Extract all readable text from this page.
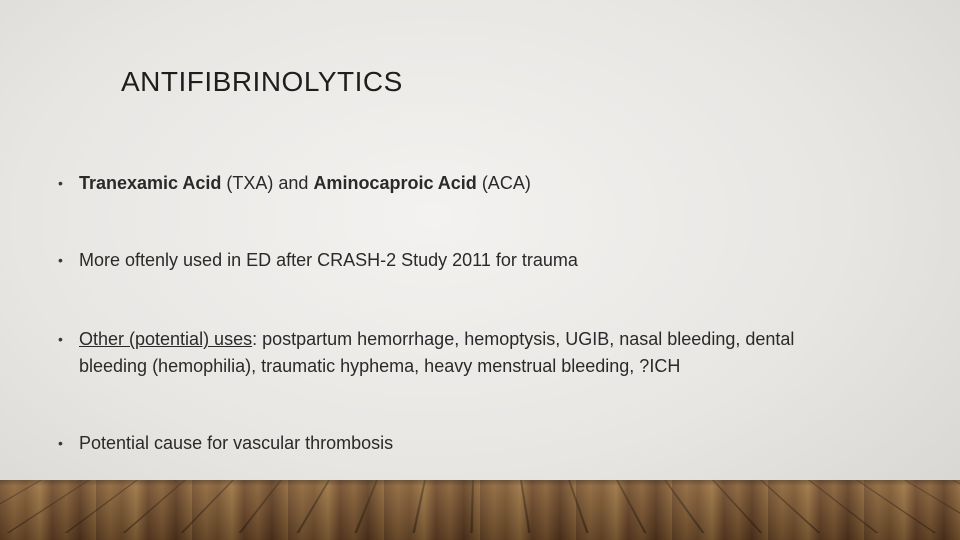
ANTIFIBRINOLYTICS
• Tranexamic Acid (TXA) and Aminocaproic Acid (ACA)
• More oftenly used in ED after CRASH-2 Study 2011 for trauma
• Other (potential) uses: postpartum hemorrhage, hemoptysis, UGIB, nasal bleeding, dental bleeding (hemophilia), traumatic hyphema, heavy menstrual bleeding, ?ICH
• Potential cause for vascular thrombosis
